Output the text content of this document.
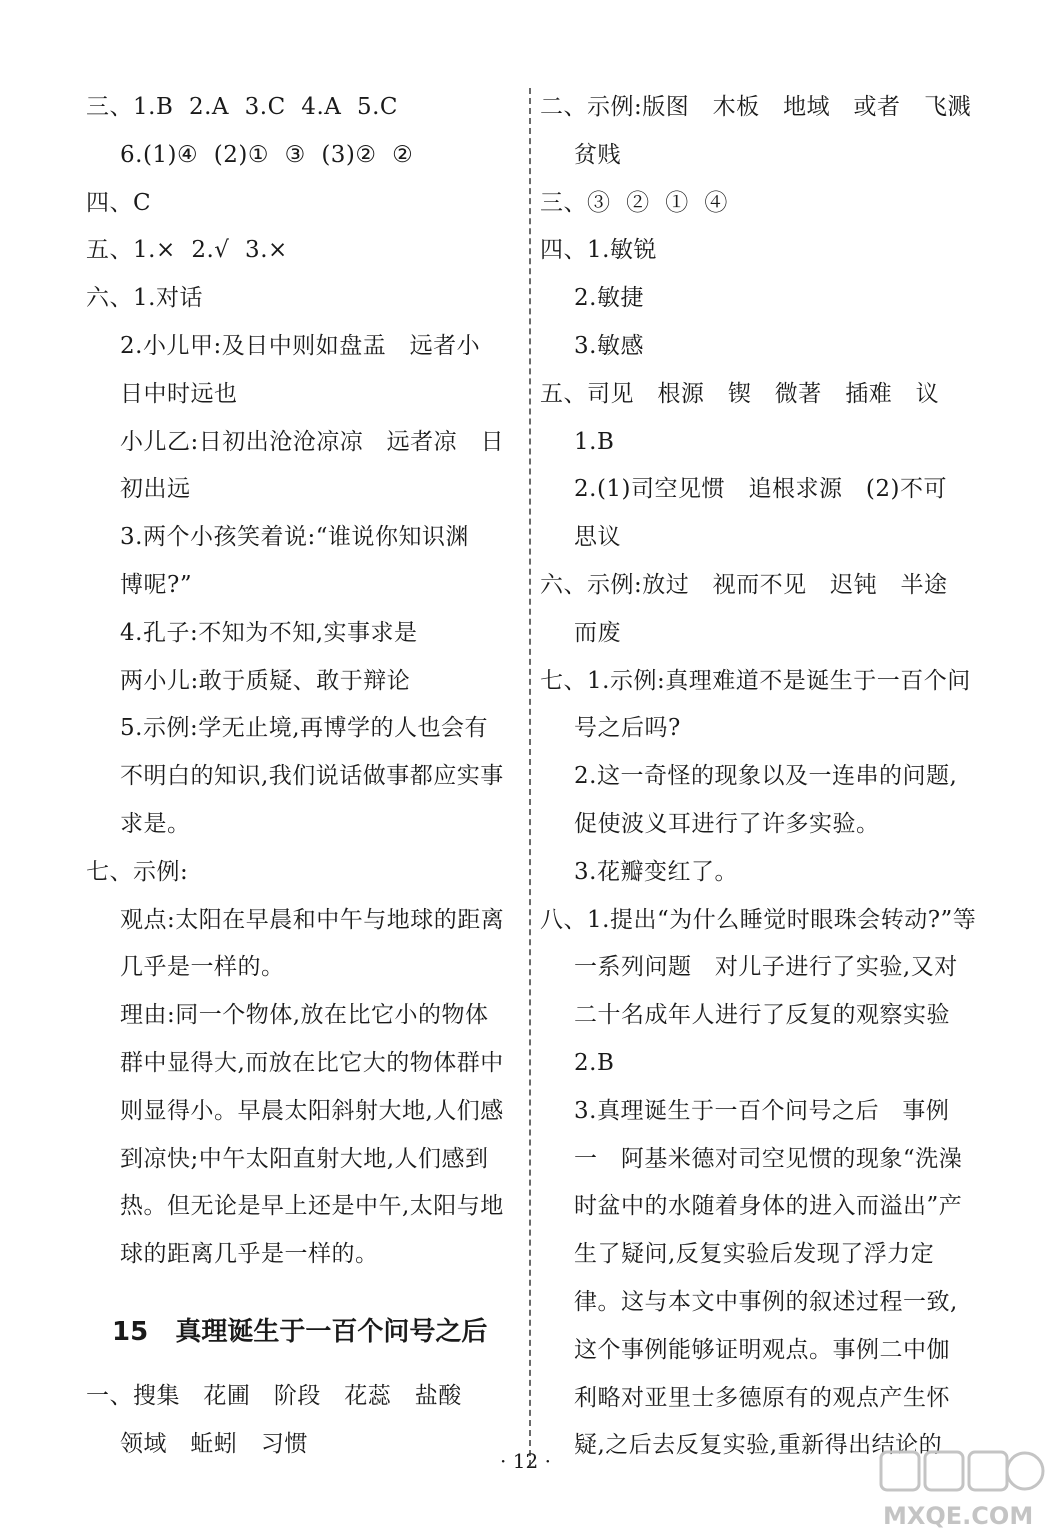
三、1.B  2.A  3.C  4.A  5.C
6.(1)④  (2)①  ③  (3)②  ②
四、C
五、1.×  2.√  3.×
六、1.对话
2.小儿甲:及日中则如盘盂   远者小
日中时远也
小儿乙:日初出沧沧凉凉   远者凉   日
初出远
3.两个小孩笑着说:“谁说你知识渊
博呢?”
4.孔子:不知为不知,实事求是
两小儿:敢于质疑、敢于辩论
5.示例:学无止境,再博学的人也会有
不明白的知识,我们说话做事都应实事
求是。
七、示例:
观点:太阳在早晨和中午与地球的距离
几乎是一样的。
理由:同一个物体,放在比它小的物体
群中显得大,而放在比它大的物体群中
则显得小。早晨太阳斜射大地,人们感
到凉快;中午太阳直射大地,人们感到
热。但无论是早上还是中午,太阳与地
球的距离几乎是一样的。
15   真理诞生于一百个问号之后
一、搜集   花圃   阶段   花蕊   盐酸
领域   蚯蚓   习惯
二、示例:版图   木板   地域   或者   飞溅
贫贱
三、③  ②  ①  ④
四、1.敏锐
2.敏捷
3.敏感
五、司见   根源   锲   微著   插难   议
1.B
2.(1)司空见惯   追根求源   (2)不可
思议
六、示例:放过   视而不见   迟钝   半途
而废
七、1.示例:真理难道不是诞生于一百个问
号之后吗?
2.这一奇怪的现象以及一连串的问题,
促使波义耳进行了许多实验。
3.花瓣变红了。
八、1.提出“为什么睡觉时眼珠会转动?”等
一系列问题   对儿子进行了实验,又对
二十名成年人进行了反复的观察实验
2.B
3.真理诞生于一百个问号之后   事例
一   阿基米德对司空见惯的现象“洗澡
时盆中的水随着身体的进入而溢出”产
生了疑问,反复实验后发现了浮力定
律。这与本文中事例的叙述过程一致,
这个事例能够证明观点。事例二中伽
利略对亚里士多德原有的观点产生怀
疑,之后去反复实验,重新得出结论的
· 12 ·
MXQE.COM
